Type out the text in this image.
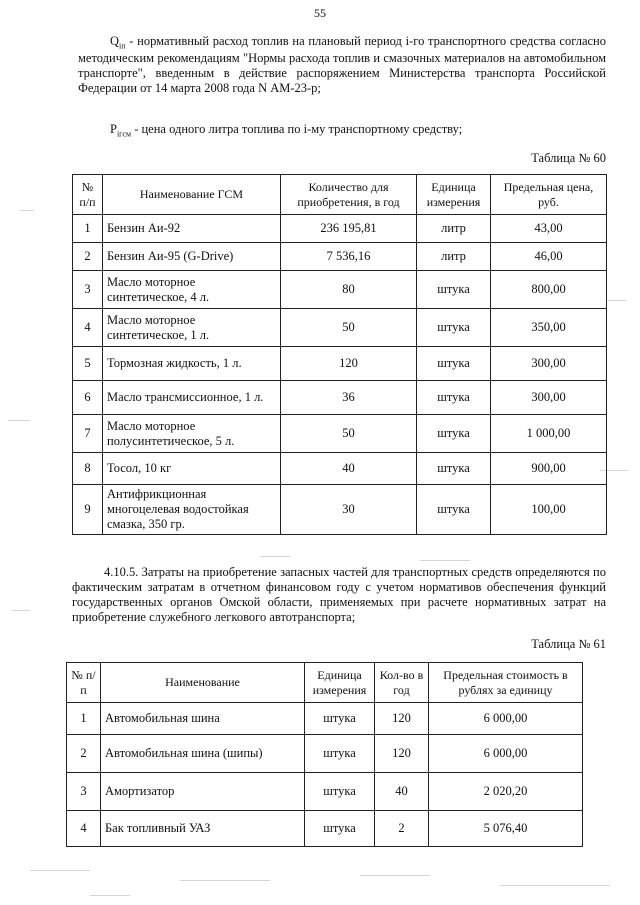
55
$Q_{iп}$ - нормативный расход топлив на плановый период i-го транспортного средства согласно методическим рекомендациям "Нормы расхода топлив и смазочных материалов на автомобильном транспорте", введенным в действие распоряжением Министерства транспорта Российской Федерации от 14 марта 2008 года N АМ-23-р;
$P_{iгсм}$ - цена одного литра топлива по i-му транспортному средству;
Таблица № 60
№ п/п	Наименование ГСМ	Количество для приобретения, в год	Единица измерения	Предельная цена, руб.
1	Бензин Аи-92	236 195,81	литр	43,00
2	Бензин Аи-95 (G-Drive)	7 536,16	литр	46,00
3	Масло моторное синтетическое, 4 л.	80	штука	800,00
4	Масло моторное синтетическое, 1 л.	50	штука	350,00
5	Тормозная жидкость, 1 л.	120	штука	300,00
6	Масло трансмиссионное, 1 л.	36	штука	300,00
7	Масло моторное полусинтетическое, 5 л.	50	штука	1 000,00
8	Тосол, 10 кг	40	штука	900,00
9	Антифрикционная многоцелевая водостойкая смазка, 350 гр.	30	штука	100,00
4.10.5. Затраты на приобретение запасных частей для транспортных средств определяются по фактическим затратам в отчетном финансовом году с учетом нормативов обеспечения функций государственных органов Омской области, применяемых при расчете нормативных затрат на приобретение служебного легкового автотранспорта;
Таблица № 61
№ п/п	Наименование	Единица измерения	Кол-во в год	Предельная стоимость в рублях за единицу
1	Автомобильная шина	штука	120	6 000,00
2	Автомобильная шина (шипы)	штука	120	6 000,00
3	Амортизатор	штука	40	2 020,20
4	Бак топливный УАЗ	штука	2	5 076,40
